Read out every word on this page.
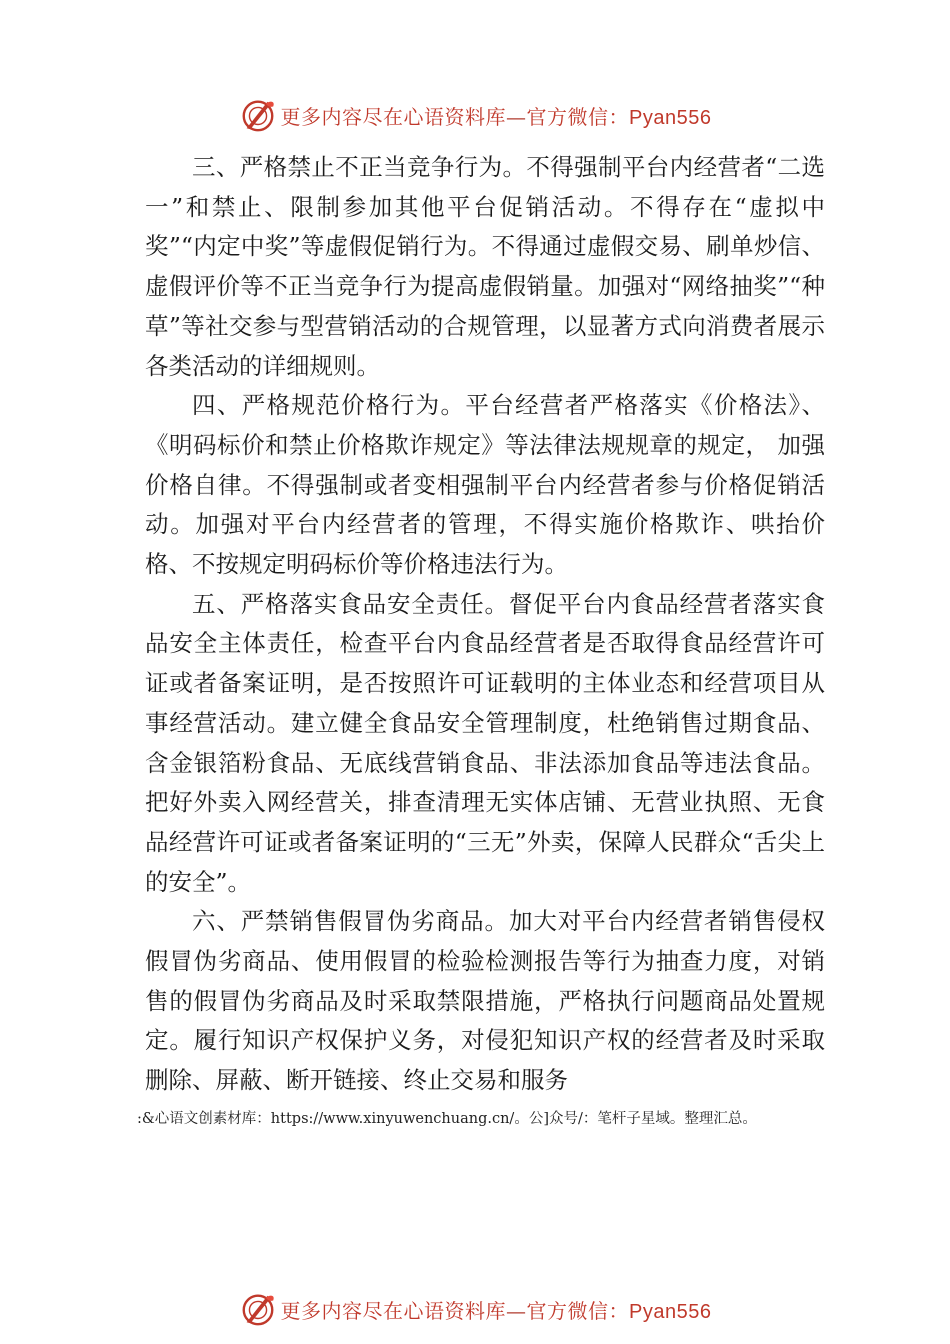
更多内容尽在心语资料库—官方微信：Pyan556

三、严格禁止不正当竞争行为。不得强制平台内经营者“二选一”和禁止、限制参加其他平台促销活动。不得存在“虚拟中奖”“内定中奖”等虚假促销行为。不得通过虚假交易、刷单炒信、虚假评价等不正当竞争行为提高虚假销量。加强对“网络抽奖”“种草”等社交参与型营销活动的合规管理，以显著方式向消费者展示各类活动的详细规则。

四、严格规范价格行为。平台经营者严格落实《价格法》、《明码标价和禁止价格欺诈规定》等法律法规规章的规定， 加强价格自律。不得强制或者变相强制平台内经营者参与价格促销活动。加强对平台内经营者的管理，不得实施价格欺诈、哄抬价格、不按规定明码标价等价格违法行为。

五、严格落实食品安全责任。督促平台内食品经营者落实食品安全主体责任，检查平台内食品经营者是否取得食品经营许可证或者备案证明，是否按照许可证载明的主体业态和经营项目从事经营活动。建立健全食品安全管理制度，杜绝销售过期食品、含金银箔粉食品、无底线营销食品、非法添加食品等违法食品。把好外卖入网经营关，排查清理无实体店铺、无营业执照、无食品经营许可证或者备案证明的“三无”外卖，保障人民群众“舌尖上的安全”。

六、严禁销售假冒伪劣商品。加大对平台内经营者销售侵权假冒伪劣商品、使用假冒的检验检测报告等行为抽查力度，对销售的假冒伪劣商品及时采取禁限措施，严格执行问题商品处置规定。履行知识产权保护义务，对侵犯知识产权的经营者及时采取删除、屏蔽、断开链接、终止交易和服务

:&心语文创素材库：https://www.xinyuwenchuang.cn/。公]众号/：笔杆子星域。整理汇总。
更多内容尽在心语资料库—官方微信：Pyan556
